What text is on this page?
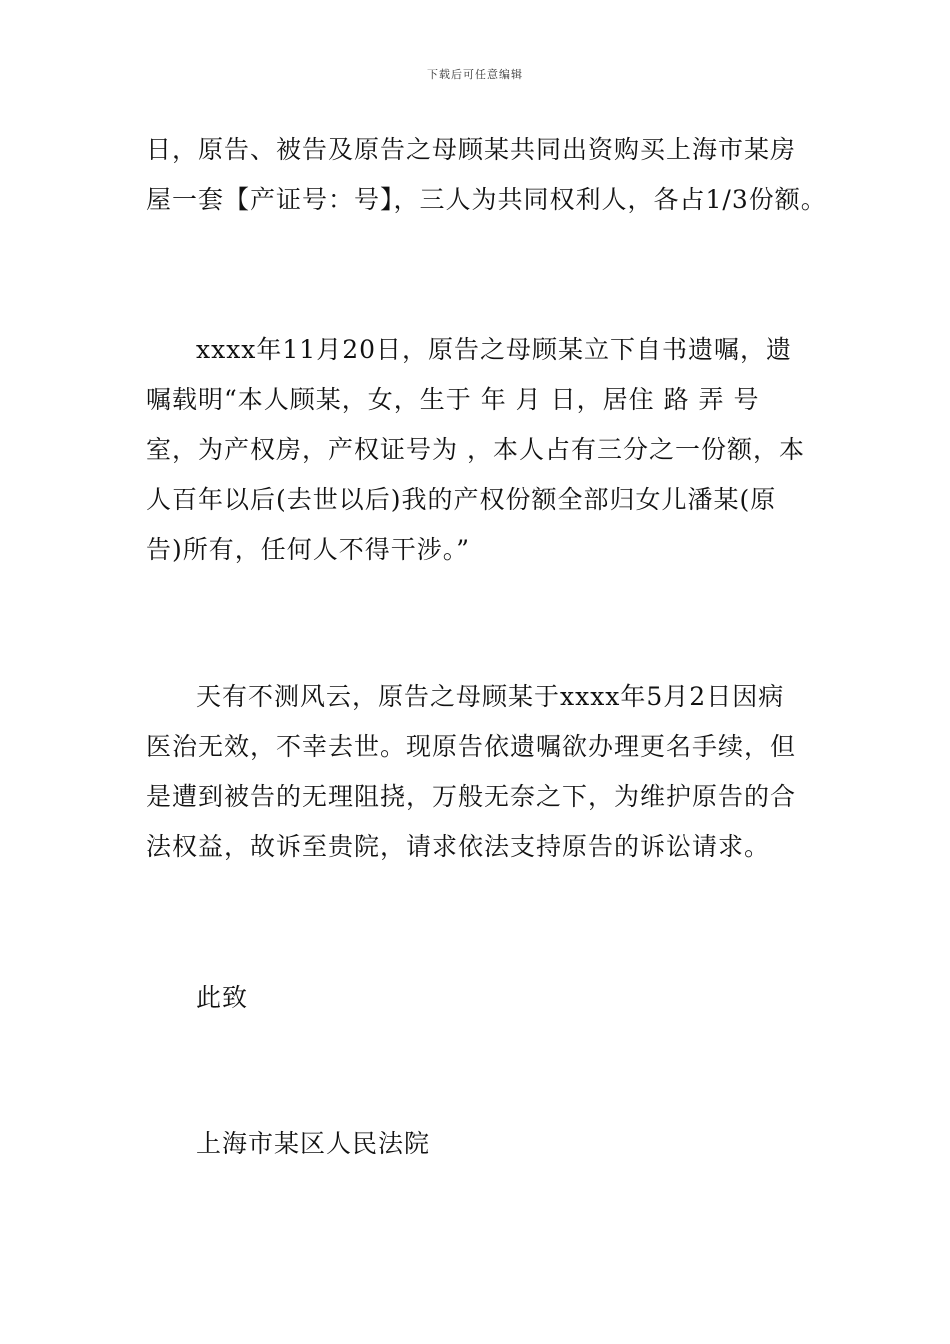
下载后可任意编辑
日，原告、被告及原告之母顾某共同出资购买上海市某房
屋一套【产证号：号】，三人为共同权利人，各占1/3份额。
xxxx年11月20日，原告之母顾某立下自书遗嘱，遗
嘱载明“本人顾某，女，生于 年 月 日，居住 路 弄 号
室，为产权房，产权证号为 ，本人占有三分之一份额，本
人百年以后(去世以后)我的产权份额全部归女儿潘某(原
告)所有，任何人不得干涉。”
天有不测风云，原告之母顾某于xxxx年5月2日因病
医治无效，不幸去世。现原告依遗嘱欲办理更名手续，但
是遭到被告的无理阻挠，万般无奈之下，为维护原告的合
法权益，故诉至贵院，请求依法支持原告的诉讼请求。
此致
上海市某区人民法院
